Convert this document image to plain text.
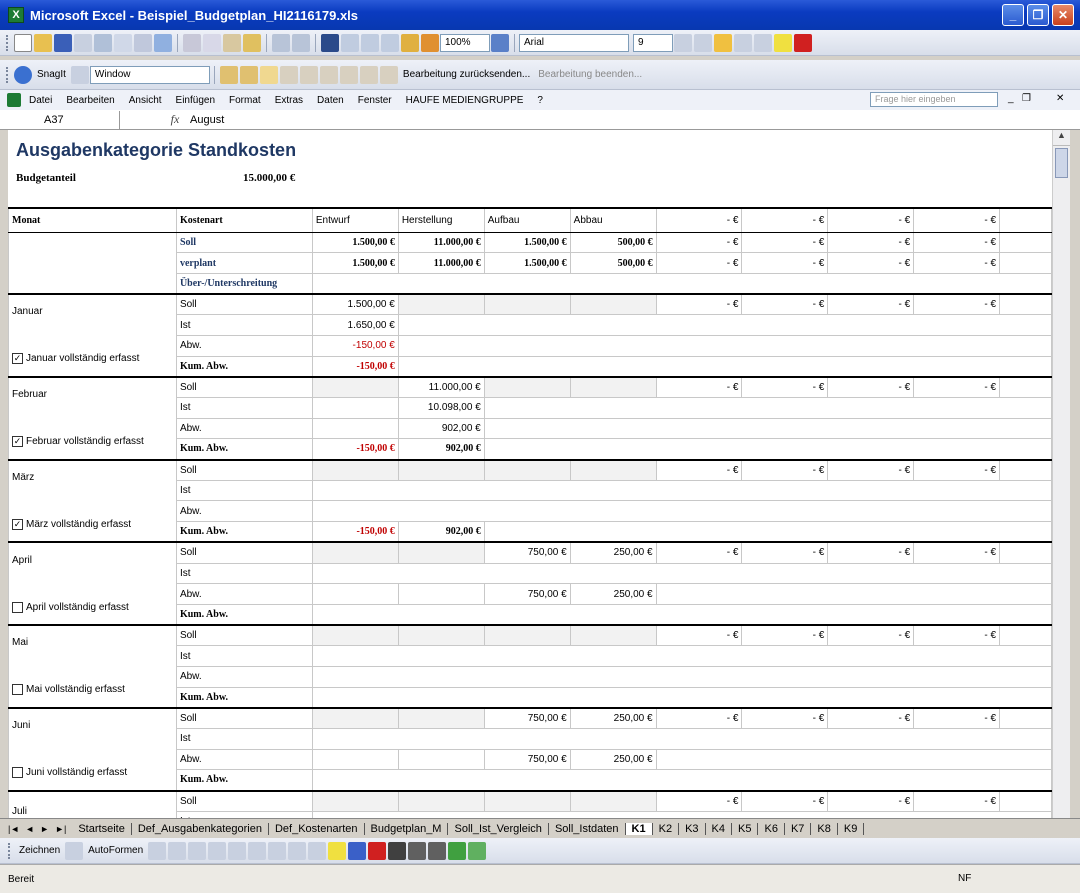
X Microsoft Excel - Beispiel_Budgetplan_HI2116179.xls	_	❐	✕
100%	Arial	9
SnagIt	Window	Bearbeitung zurücksenden... Bearbeitung beenden...
Datei Bearbeiten Ansicht Einfügen Format Extras Daten Fenster HAUFE MEDIENGRUPPE ?	Frage hier eingeben	_ ❐	✕
A37	fx August
Ausgabenkategorie Standkosten
Budgetanteil	15.000,00 €
Monat	Kostenart	Entwurf	Herstellung	Aufbau	Abbau	- €	- €	- €	- €	
	Soll	1.500,00 €	11.000,00 €	1.500,00 €	500,00 €	- €	- €	- €	- €	
	verplant	1.500,00 €	11.000,00 €	1.500,00 €	500,00 €	- €	- €	- €	- €	
	Über-/Unterschreitung									

Januar
✓ Januar vollständig erfasst	Soll	1.500,00 €				- €	- €	- €	- €	
	Ist	1.650,00 €								
	Abw.	-150,00 €								
	Kum. Abw.	-150,00 €								

Februar
✓ Februar vollständig erfasst	Soll		11.000,00 €			- €	- €	- €	- €	
	Ist		10.098,00 €							
	Abw.		902,00 €							
	Kum. Abw.	-150,00 €	902,00 €							

März
✓ März vollständig erfasst	Soll					- €	- €	- €	- €	
	Ist									
	Abw.									
	Kum. Abw.	-150,00 €	902,00 €							

April
April vollständig erfasst	Soll			750,00 €	250,00 €	- €	- €	- €	- €	
	Ist									
	Abw.			750,00 €	250,00 €					
	Kum. Abw.									

Mai
Mai vollständig erfasst	Soll					- €	- €	- €	- €	
	Ist									
	Abw.									
	Kum. Abw.									

Juni
Juni vollständig erfasst	Soll			750,00 €	250,00 €	- €	- €	- €	- €	
	Ist									
	Abw.			750,00 €	250,00 €					
	Kum. Abw.									

Juli	Soll					- €	- €	- €	- €	

▲
|◄ ◄ ► ►|	Startseite	Def_Ausgabenkategorien	Def_Kostenarten	Budgetplan_M	Soll_Ist_Vergleich	Soll_Istdaten	K1	K2	K3	K4	K5	K6	K7	K8	K9
Zeichnen	AutoFormen
Bereit	NF
